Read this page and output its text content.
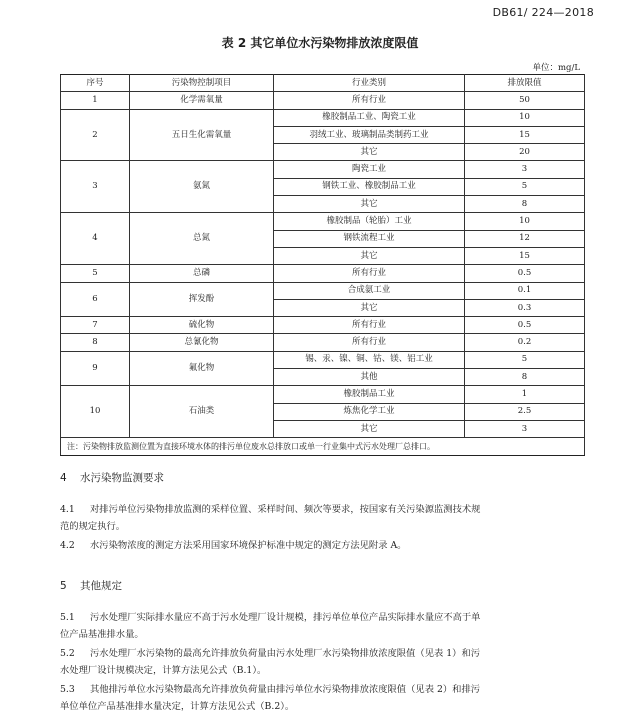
DB61/ 224—2018
表 2 其它单位水污染物排放浓度限值
单位：mg/L
序号	污染物控制项目	行业类别	排放限值
1	化学需氧量	所有行业	50
2	五日生化需氧量	橡胶制品工业、陶瓷工业	10
		羽绒工业、玻璃制品类制药工业	15
		其它	20
3	氨氮	陶瓷工业	3
		钢铁工业、橡胶制品工业	5
		其它	8
4	总氮	橡胶制品（轮胎）工业	10
		钢铁流程工业	12
		其它	15
5	总磷	所有行业	0.5
6	挥发酚	合成氨工业	0.1
		其它	0.3
7	硫化物	所有行业	0.5
8	总氰化物	所有行业	0.2
9	氟化物	锡、汞、镍、铜、钴、镁、铝工业	5
		其他	8
10	石油类	橡胶制品工业	1
		炼焦化学工业	2.5
		其它	3
注：污染物排放监测位置为直接环境水体的排污单位废水总排放口或单一行业集中式污水处理厂总排口。			
4 水污染物监测要求
4.1 对排污单位污染物排放监测的采样位置、采样时间、频次等要求，按国家有关污染源监测技术规
范的规定执行。
4.2 水污染物浓度的测定方法采用国家环境保护标准中规定的测定方法见附录 A。
5 其他规定
5.1 污水处理厂实际排水量应不高于污水处理厂设计规模，排污单位单位产品实际排水量应不高于单
位产品基准排水量。
5.2 污水处理厂水污染物的最高允许排放负荷量由污水处理厂水污染物排放浓度限值（见表 1）和污
水处理厂设计规模决定，计算方法见公式（B.1）。
5.3 其他排污单位水污染物最高允许排放负荷量由排污单位水污染物排放浓度限值（见表 2）和排污
单位单位产品基准排水量决定，计算方法见公式（B.2）。
